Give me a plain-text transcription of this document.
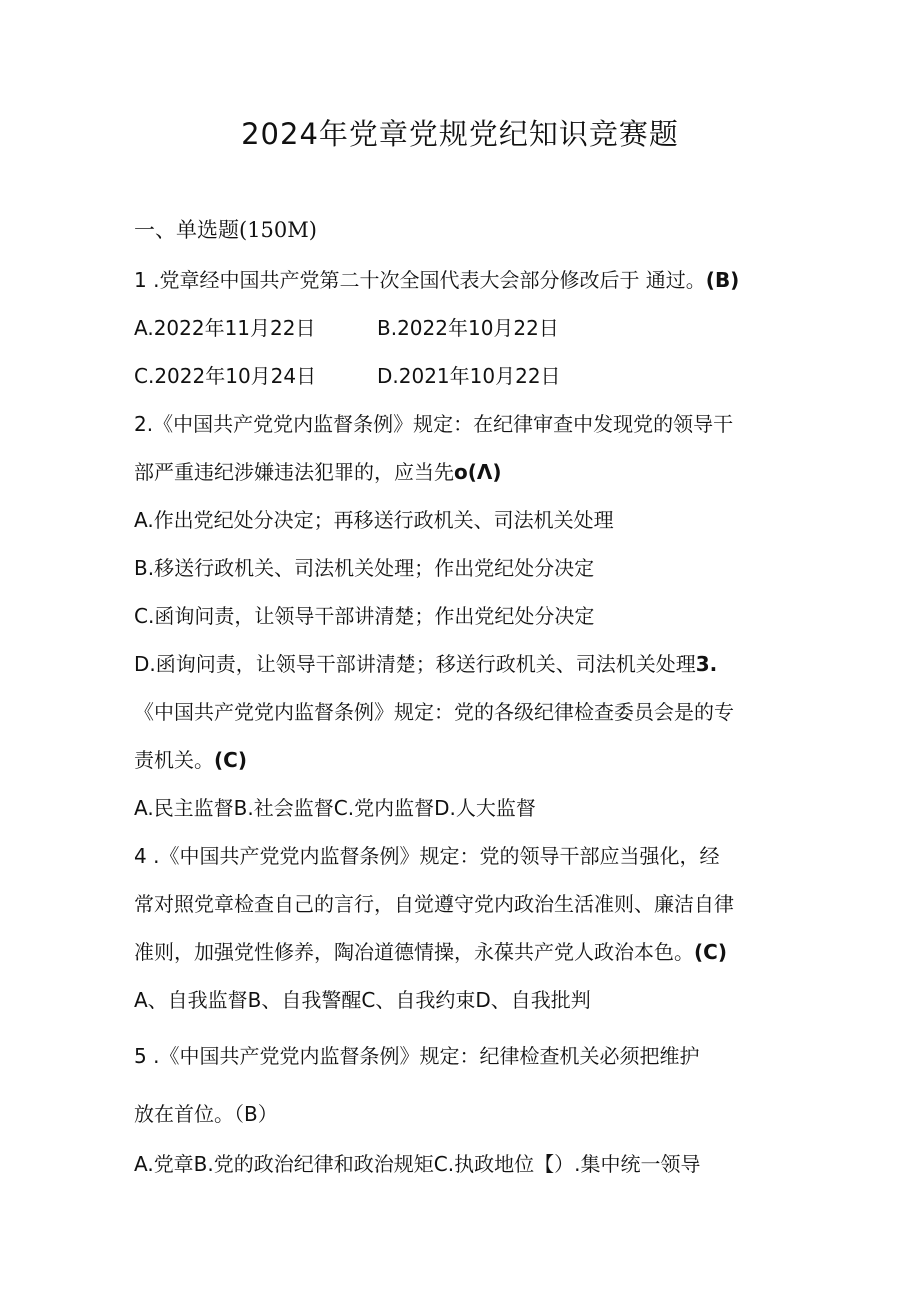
2024年党章党规党纪知识竞赛题

一、单选题(150M)

1 .党章经中国共产党第二十次全国代表大会部分修改后于 通过。(B)

A.2022年11月22日	B.2022年10月22日

C.2022年10月24日	D.2021年10月22日

2.《中国共产党党内监督条例》规定：在纪律审查中发现党的领导干

部严重违纪涉嫌违法犯罪的，应当先o(Λ)

A.作出党纪处分决定；再移送行政机关、司法机关处理

B.移送行政机关、司法机关处理；作出党纪处分决定

C.函询问责，让领导干部讲清楚；作出党纪处分决定

D.函询问责，让领导干部讲清楚；移送行政机关、司法机关处理3.

《中国共产党党内监督条例》规定：党的各级纪律检查委员会是的专

责机关。(C)

A.民主监督B.社会监督C.党内监督D.人大监督

4 .《中国共产党党内监督条例》规定：党的领导干部应当强化，经

常对照党章检查自己的言行，自觉遵守党内政治生活准则、廉洁自律

准则，加强党性修养，陶冶道德情操，永葆共产党人政治本色。(C)

A、自我监督B、自我警醒C、自我约束D、自我批判

5 .《中国共产党党内监督条例》规定：纪律检查机关必须把维护

放在首位。（B）

A.党章B.党的政治纪律和政治规矩C.执政地位【）.集中统一领导
